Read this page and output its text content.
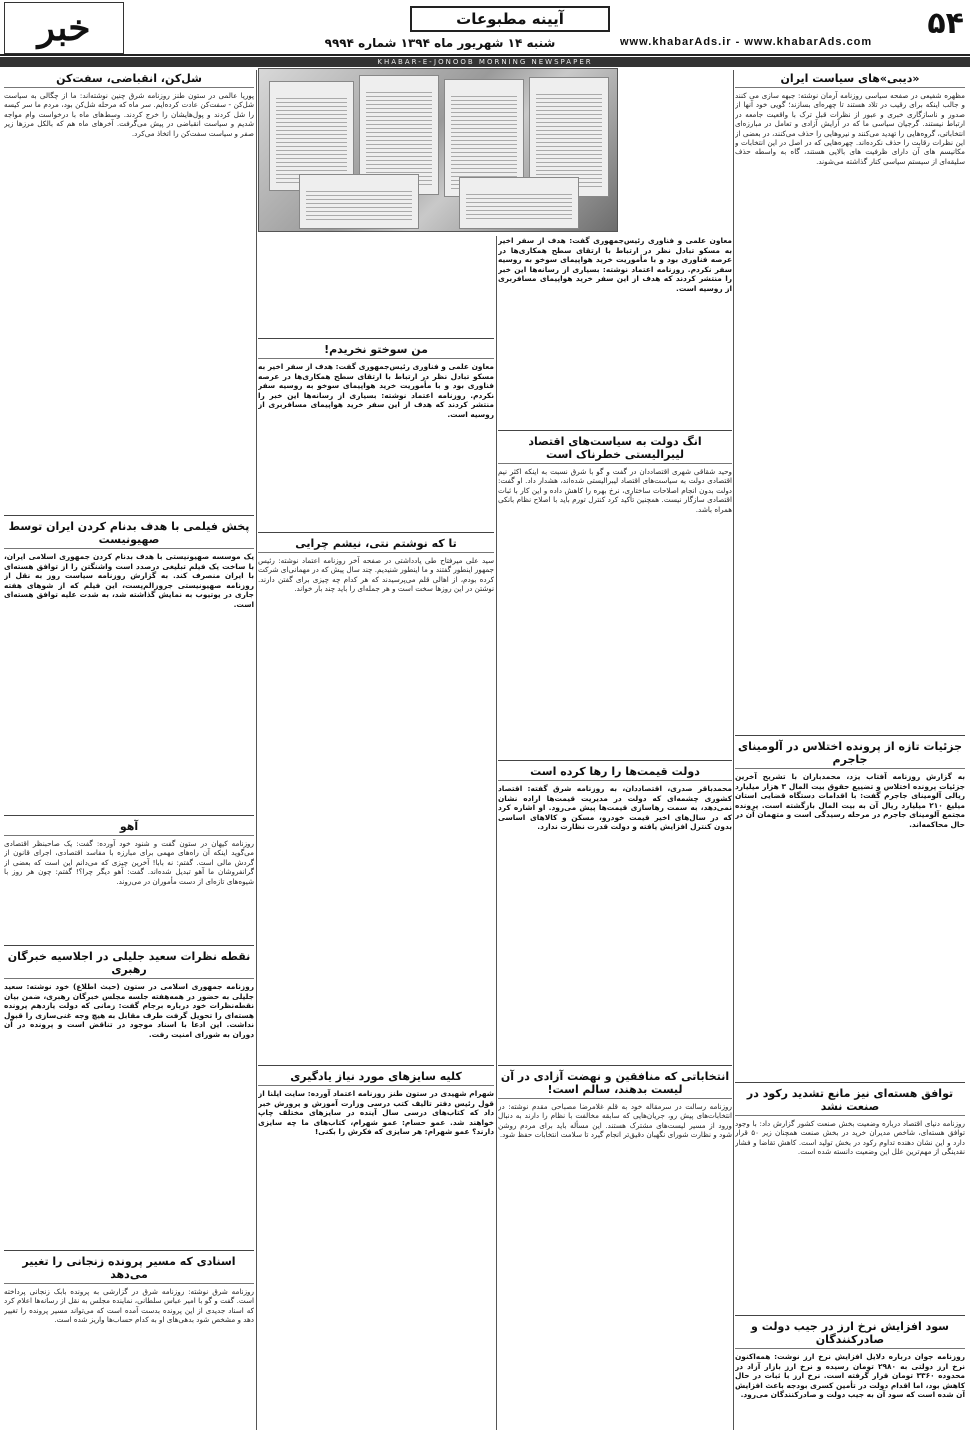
۵۴
www.khabarAds.ir - www.khabarAds.com
آیینه مطبوعات
شنبه ۱۴ شهریور ماه ۱۳۹۴ شماره ۹۹۹۴
خبر
KHABAR-E-JONOOB MORNING NEWSPAPER
«دیبی»های سیاست ایران
مظهره شفیعی در صفحه سیاسی روزنامه آرمان نوشته: جبهه سازی می کنند و جالب اینکه برای رقیب در تلاد هستند تا چهره‌ای بسازند؛ گویی خود آنها از صدور و ناسازگاری خبری و عبور از نظرات قبل ترک با واقعیت جامعه در ارتباط نیستند. گرجیان سیاسی ما که در آرایش آزادی و تعامل در مبارزه‌ای انتخاباتی، گروه‌هایی را تهدید می‌کنند و نیروهایی را حذف می‌کنند، در بعضی از این نظرات رقابت را حذف نکرده‌اند. چهره‌هایی که در اصل در این انتخابات و مکانیسم های آن دارای ظرفیت های بالایی هستند، گاه به واسطه حذف سلیقه‌ای از سیستم سیاسی کنار گذاشته می‌شوند.
جزئیات تازه از پرونده اختلاس در آلومینای جاجرم
به گزارش روزنامه آفتاب یزد، محمدباران با تشریح آخرین جزئیات پرونده اختلاس و تضییع حقوق بیت المال ۳ هزار میلیارد ریالی آلومینای جاجرم گفت: با اقدامات دستگاه قضایی استان میلیغ ۲۱۰ میلیارد ریال آن به بیت المال بازگشته است. پرونده مجتمع آلومینای جاجرم در مرحله رسیدگی است و متهمان آن در حال محاکمه‌اند.
توافق هسته‌ای نیز مانع تشدید رکود در صنعت نشد
روزنامه دنیای اقتصاد درباره وضعیت بخش صنعت کشور گزارش داد: با وجود توافق هسته‌ای، شاخص مدیران خرید در بخش صنعت همچنان زیر ۵۰ قرار دارد و این نشان دهنده تداوم رکود در بخش تولید است. کاهش تقاضا و فشار نقدینگی از مهم‌ترین علل این وضعیت دانسته شده است.
سود افزایش نرخ ارز در جیب دولت و صادرکنندگان
روزنامه جوان درباره دلایل افزایش نرخ ارز نوشت: همه‌اکنون نرخ ارز دولتی به ۲۹۸۰ تومان رسیده و نرخ ارز بازار آزاد در محدوده ۳۳۶۰ تومان قرار گرفته است. نرخ ارز با ثبات در حال کاهش بود، اما اقدام دولت در تأمین کسری بودجه باعث افزایش آن شده است که سود آن به جیب دولت و صادرکنندگان می‌رود.
معاون علمی و فناوری رئیس‌جمهوری گفت: هدف از سفر اخیر به مسکو تبادل نظر در ارتباط با ارتقای سطح همکاری‌ها در عرصه فناوری بود و با مأموریت خرید هواپیمای سوخو به روسیه سفر نکردم. روزنامه اعتماد نوشته: بسیاری از رسانه‌ها این خبر را منتشر کردند که هدف از این سفر خرید هواپیمای مسافربری از روسیه است.
انگ دولت به سیاست‌های اقتصاد لیبرالیستی خطرناک است
وحید شقاقی شهری اقتصاددان در گفت و گو با شرق نسبت به اینکه اکثر نیم اقتصادی دولت به سیاست‌های اقتصاد لیبرالیستی شده‌اند، هشدار داد. او گفت: دولت بدون انجام اصلاحات ساختاری، نرخ بهره را کاهش داده و این کار با ثبات اقتصادی سازگار نیست. همچنین تأکید کرد کنترل تورم باید با اصلاح نظام بانکی همراه باشد.
دولت قیمت‌ها را رها کرده است
محمدباقر صدری، اقتصاددان، به روزنامه شرق گفته: اقتصاد کشوری چشمه‌ای که دولت در مدیریت قیمت‌ها اراده نشان نمی‌دهد، به سمت رهاسازی قیمت‌ها پیش می‌رود. او اشاره کرد که در سال‌های اخیر قیمت خودرو، مسکن و کالاهای اساسی بدون کنترل افزایش یافته و دولت قدرت نظارت ندارد.
انتخاباتی که منافقین و نهضت آزادی در آن لیست بدهند، سالم است!
روزنامه رسالت در سرمقاله خود به قلم غلامرضا مصباحی مقدم نوشته: در انتخابات‌های پیش رو، جریان‌هایی که سابقه مخالفت با نظام را دارند به دنبال ورود از مسیر لیست‌های مشترک هستند. این مسأله باید برای مردم روشن شود و نظارت شورای نگهبان دقیق‌تر انجام گیرد تا سلامت انتخابات حفظ شود.
من سوختو نخریدم!
معاون علمی و فناوری رئیس‌جمهوری گفت: هدف از سفر اخیر به مسکو تبادل نظر در ارتباط با ارتقای سطح همکاری‌ها در عرصه فناوری بود و با مأموریت خرید هواپیمای سوخو به روسیه سفر نکردم. روزنامه اعتماد نوشته: بسیاری از رسانه‌ها این خبر را منتشر کردند که هدف از این سفر خرید هواپیمای مسافربری از روسیه است.
تا که نوشتم نتی، نیشم چرایی
سید علی میرفتاح طی یادداشتی در صفحه آخر روزنامه اعتماد نوشته: رئیس جمهور اینطور گفتند و ما اینطور شنیدیم. چند سال پیش که در مهمانی‌ای شرکت کرده بودم، از اهالی قلم می‌پرسیدند که هر کدام چه چیزی برای گفتن دارند. نوشتن در این روزها سخت است و هر جمله‌ای را باید چند بار خواند.
کلیه سایزهای مورد نیاز یادگیری
شهرام شهیدی در ستون طنز روزنامه اعتماد آورده: سایت ایلنا از قول رئیس دفتر تالیف کتب درسی وزارت آموزش و پرورش خبر داد که کتاب‌های درسی سال آینده در سایزهای مختلف چاپ خواهند شد. عمو حسام: عمو شهرام، کتاب‌های ما چه سایزی دارند؟ عمو شهرام: هر سایزی که فکرش را بکنی!
شل‌کن، انقباضی، سفت‌کن
پوریا عالمی در ستون طنز روزنامه شرق چنین نوشته‌اند: ما از چگالی به سیاست شل‌کن - سفت‌کن عادت کرده‌ایم. سر ماه که مرحله شل‌کن بود، مردم ما سر کیسه را شل کردند و پول‌هایشان را خرج کردند. وسط‌های ماه با درخواست وام مواجه شدیم و سیاست انقباضی در پیش می‌گرفت. آخرهای ماه هم که بالکل مرزها زیر صفر و سیاست سفت‌کن را اتخاذ می‌کرد.
پخش فیلمی با هدف بدنام کردن ایران توسط صهیونیست
یک موسسه صهیونیستی با هدف بدنام کردن جمهوری اسلامی ایران، با ساخت یک فیلم تبلیغی درصدد است واشنگتن را از توافق هسته‌ای با ایران منصرف کند. به گزارش روزنامه سیاست روز به نقل از روزنامه صهیونیستی جروزالم‌پست، این فیلم که از شوهای هفته جاری در یوتیوب به نمایش گذاشته شد، به شدت علیه توافق هسته‌ای است.
آهو
روزنامه کیهان در ستون گفت و شنود خود آورده: گفت: یک صاحبنظر اقتصادی می‌گوید اینکه آن راه‌های مهمی برای مبارزه با مفاسد اقتصادی، اجرای قانون از گردش مالی است. گفتم: نه بابا! آخرین چیزی که می‌دانم این است که بعضی از گرانفروشان ما آهو تبدیل شده‌اند. گفت: آهو دیگر چرا؟! گفتم: چون هر روز با شیوه‌های تازه‌ای از دست مأموران در می‌روند.
نقطه نظرات سعید جلیلی در اجلاسیه خبرگان رهبری
روزنامه جمهوری اسلامی در ستون (حیث اطلاع) خود نوشته: سعید جلیلی به حضور در همه‌هفته جلسه مجلس خبرگان رهبری، ضمن بیان نقطه‌نظرات خود درباره برجام گفت: زمانی که دولت یازدهم پرونده هسته‌ای را تحویل گرفت طرف مقابل به هیچ وجه غنی‌سازی را قبول نداشت. این ادعا با اسناد موجود در تناقض است و پرونده در آن دوران به شورای امنیت رفت.
اسنادی که مسیر پرونده زنجانی را تغییر می‌دهد
روزنامه شرق نوشته: روزنامه شرق در گزارشی به پرونده بابک زنجانی پرداخته است. گفت و گو با امیر عباس سلطانی، نماینده مجلس به نقل از رسانه‌ها اعلام کرد که اسناد جدیدی از این پرونده بدست آمده است که می‌تواند مسیر پرونده را تغییر دهد و مشخص شود بدهی‌های او به کدام حساب‌ها واریز شده است.
